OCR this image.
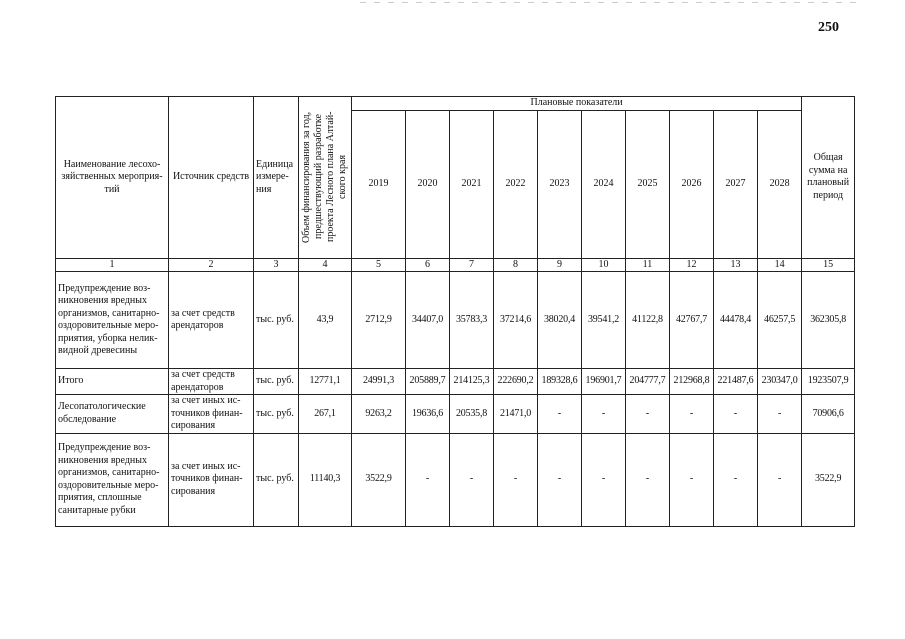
250
Наименование лесохо-зяйственных мероприя-тий	Источник средств	Единица измере-ния	Объем финансирования за год, предшествующий разработке проекта Лесного плана Алтай-ского края	Плановые показатели										Общая сумма на плановый период
				2019	2020	2021	2022	2023	2024	2025	2026	2027	2028	
1	2	3	4	5	6	7	8	9	10	11	12	13	14	15
Предупреждение воз-никновения вредных организмов, санитарно-оздоровительные меро-приятия, уборка нелик-видной древесины	за счет средств арендаторов	тыс. руб.	43,9	2712,9	34407,0	35783,3	37214,6	38020,4	39541,2	41122,8	42767,7	44478,4	46257,5	362305,8
Итого	за счет средств арендаторов	тыс. руб.	12771,1	24991,3	205889,7	214125,3	222690,2	189328,6	196901,7	204777,7	212968,8	221487,6	230347,0	1923507,9
Лесопатологические обследование	за счет иных ис-точников финан-сирования	тыс. руб.	267,1	9263,2	19636,6	20535,8	21471,0	-	-	-	-	-	-	70906,6
Предупреждение воз-никновения вредных организмов, санитарно-оздоровительные меро-приятия, сплошные санитарные рубки	за счет иных ис-точников финан-сирования	тыс. руб.	11140,3	3522,9	-	-	-	-	-	-	-	-	-	3522,9
